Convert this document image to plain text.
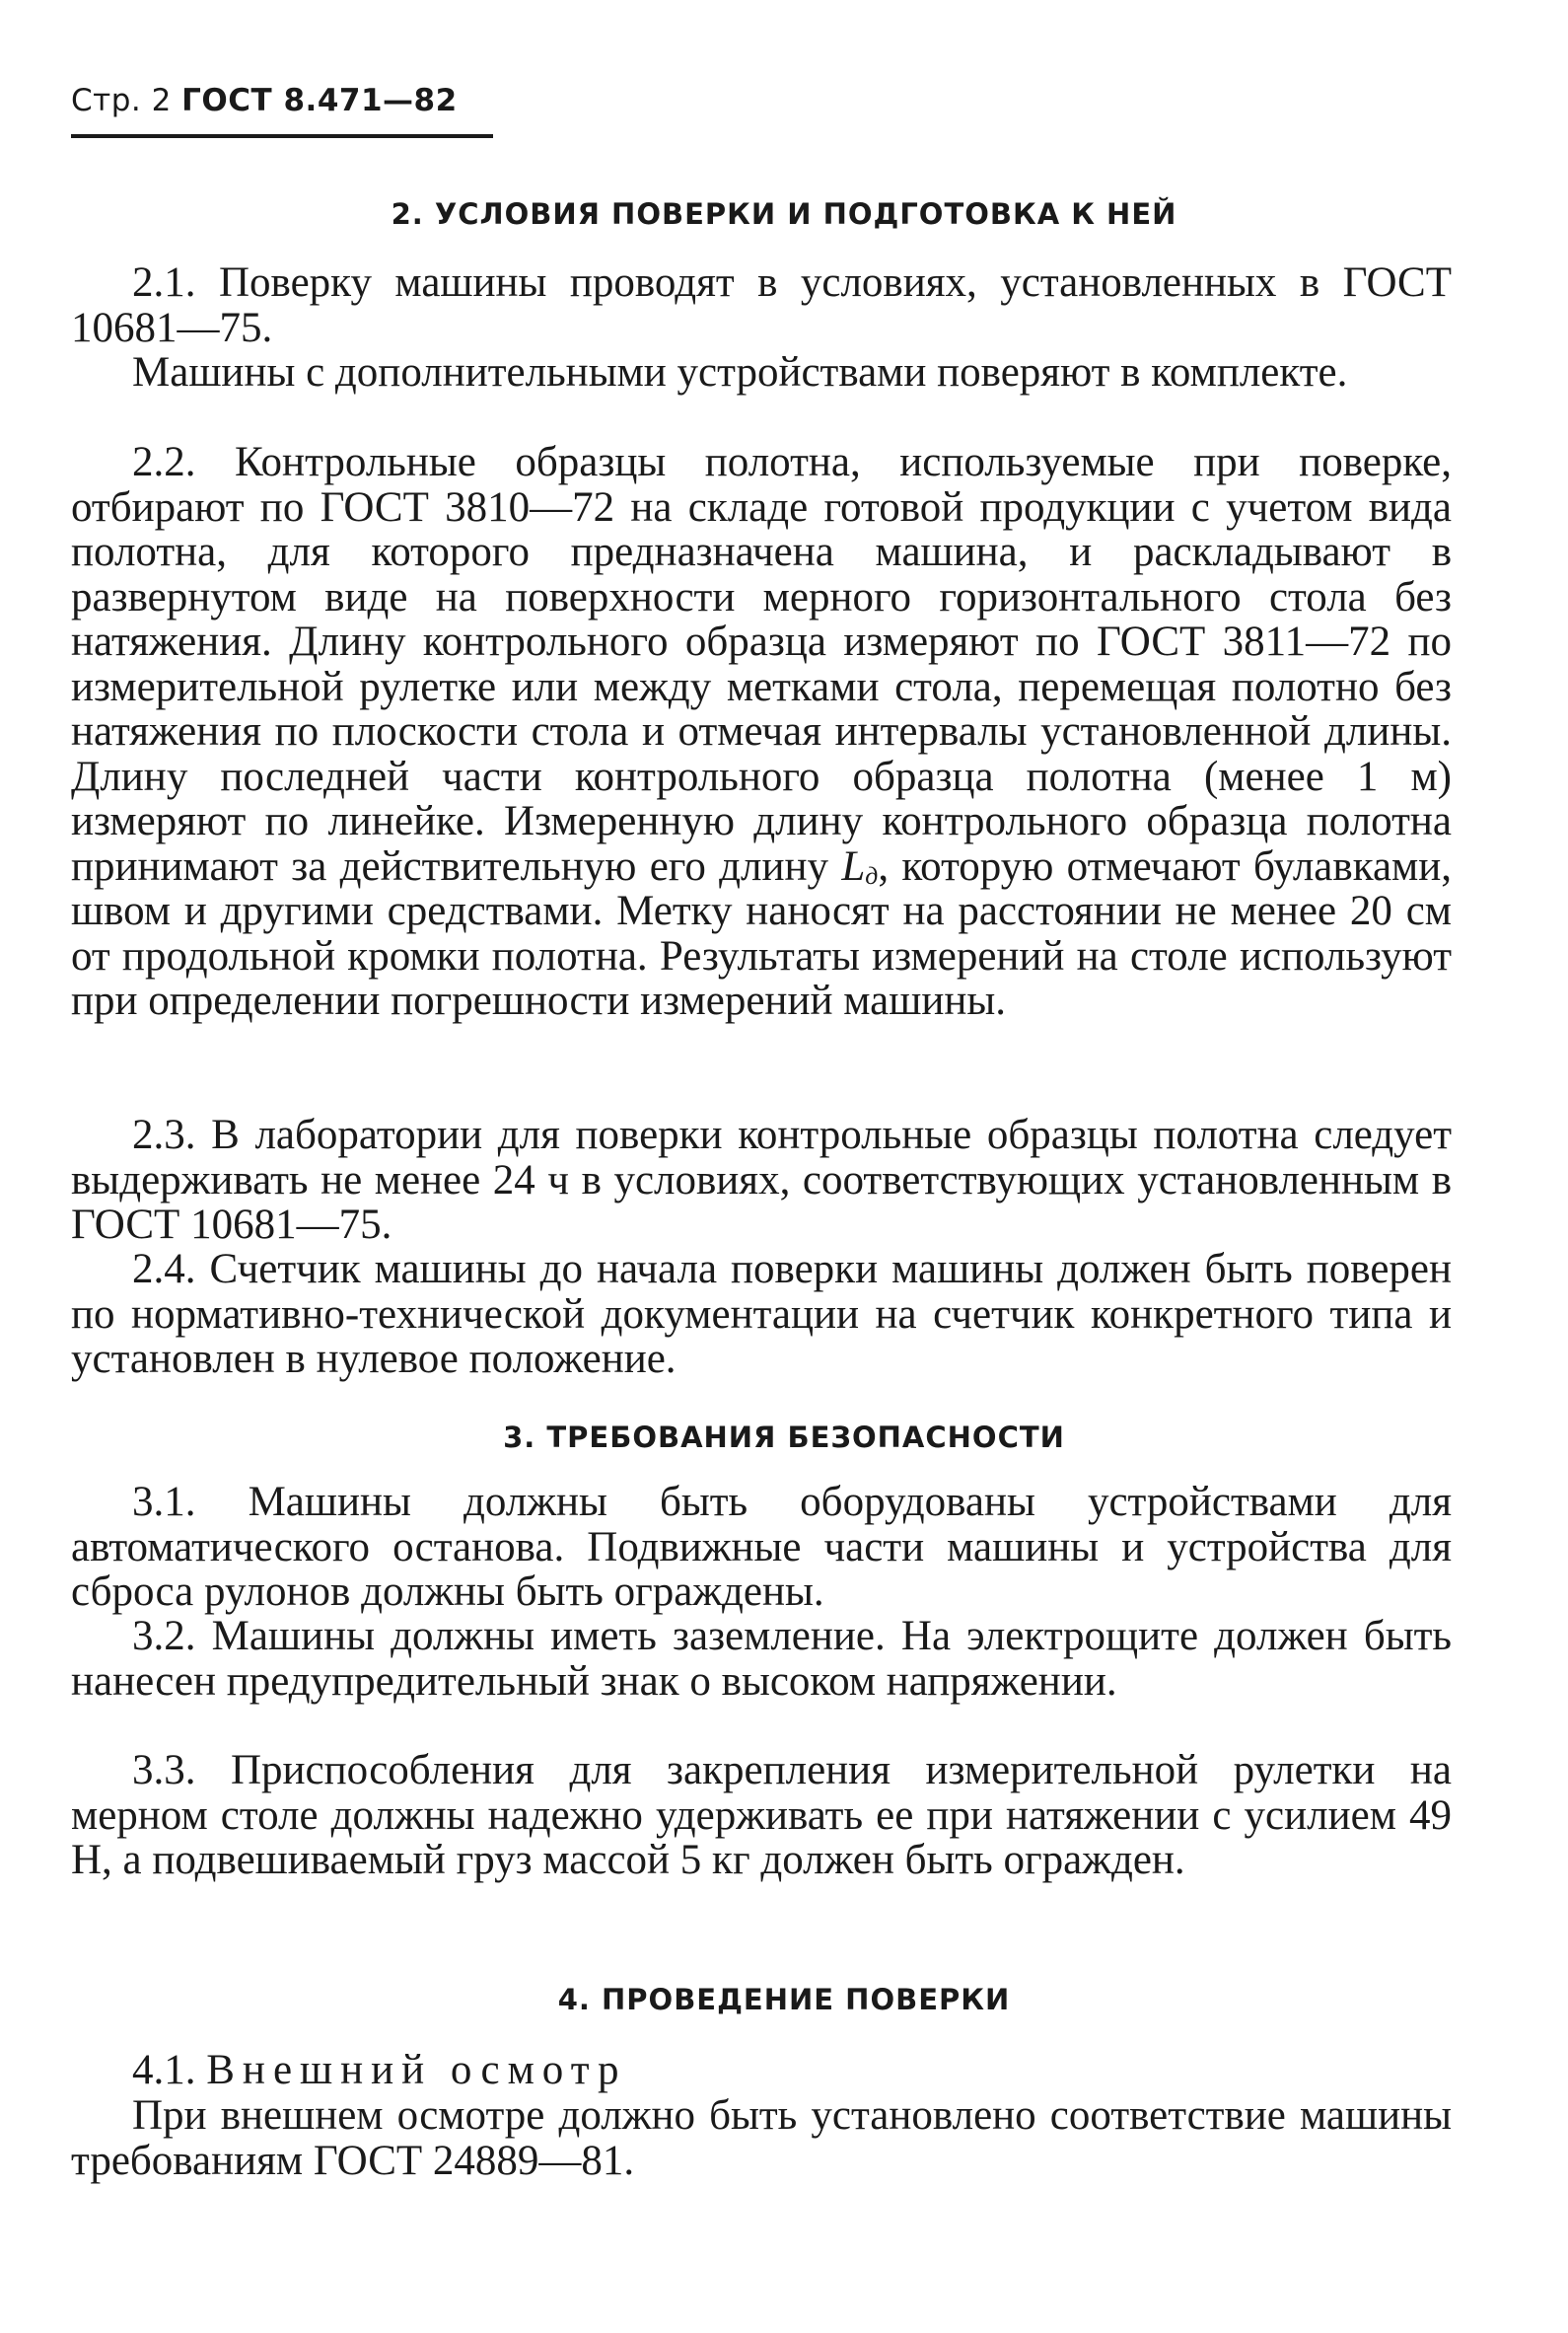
Стр. 2 ГОСТ 8.471—82
2. УСЛОВИЯ ПОВЕРКИ И ПОДГОТОВКА К НЕЙ
2.1. Поверку машины проводят в условиях, установленных в ГОСТ 10681—75.
Машины с дополнительными устройствами поверяют в комплекте.
2.2. Контрольные образцы полотна, используемые при поверке, отбирают по ГОСТ 3810—72 на складе готовой продукции с учетом вида полотна, для которого предназначена машина, и раскладывают в развернутом виде на поверхности мерного горизонтального стола без натяжения. Длину контрольного образца измеряют по ГОСТ 3811—72 по измерительной рулетке или между метками стола, перемещая полотно без натяжения по плоскости стола и отмечая интервалы установленной длины. Длину последней части контрольного образца полотна (менее 1 м) измеряют по линейке. Измеренную длину контрольного образца полотна принимают за действительную его длину $L_д$, которую отмечают булавками, швом и другими средствами. Метку наносят на расстоянии не менее 20 см от продольной кромки полотна. Результаты измерений на столе используют при определении погрешности измерений машины.
2.3. В лаборатории для поверки контрольные образцы полотна следует выдерживать не менее 24 ч в условиях, соответствующих установленным в ГОСТ 10681—75.
2.4. Счетчик машины до начала поверки машины должен быть поверен по нормативно-технической документации на счетчик конкретного типа и установлен в нулевое положение.
3. ТРЕБОВАНИЯ БЕЗОПАСНОСТИ
3.1. Машины должны быть оборудованы устройствами для автоматического останова. Подвижные части машины и устройства для сброса рулонов должны быть ограждены.
3.2. Машины должны иметь заземление. На электрощите должен быть нанесен предупредительный знак о высоком напряжении.
3.3. Приспособления для закрепления измерительной рулетки на мерном столе должны надежно удерживать ее при натяжении с усилием 49 Н, а подвешиваемый груз массой 5 кг должен быть огражден.
4. ПРОВЕДЕНИЕ ПОВЕРКИ
4.1. Внешний осмотр
При внешнем осмотре должно быть установлено соответствие машины требованиям ГОСТ 24889—81.
